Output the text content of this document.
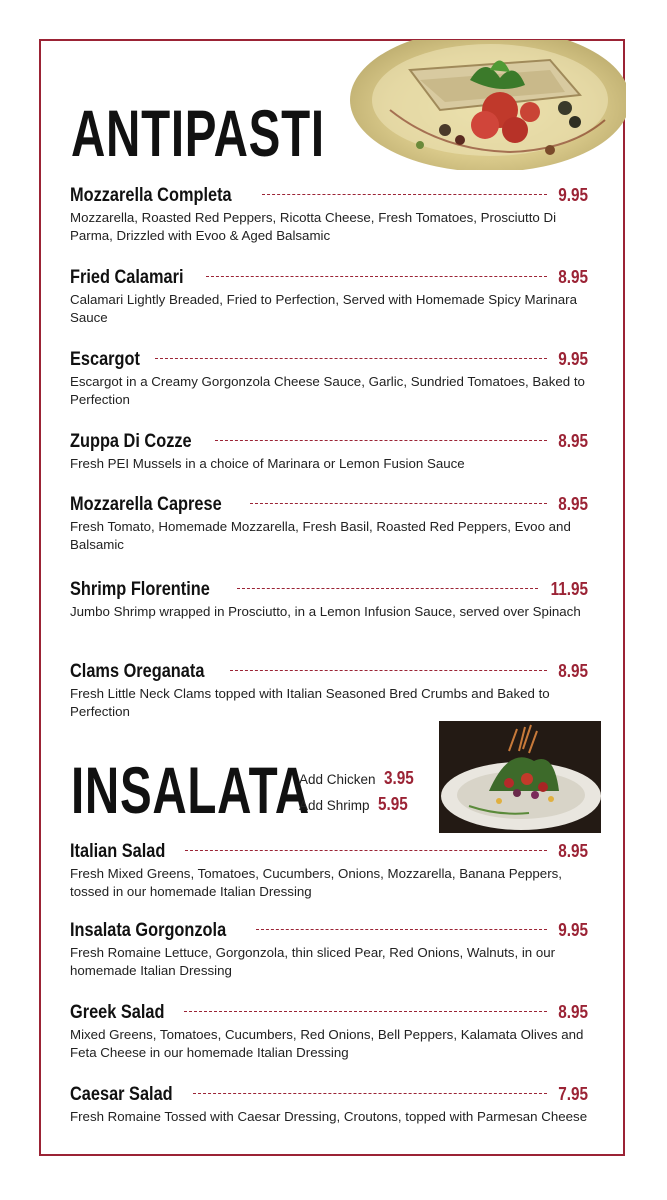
ANTIPASTI
Mozzarella Completa	9.95
Mozzarella, Roasted Red Peppers, Ricotta Cheese, Fresh Tomatoes, Prosciutto Di Parma, Drizzled with Evoo & Aged Balsamic
Fried Calamari	8.95
Calamari Lightly Breaded, Fried to Perfection, Served with Homemade Spicy Marinara Sauce
Escargot	9.95
Escargot in a Creamy Gorgonzola Cheese Sauce, Garlic, Sundried Tomatoes, Baked to Perfection
Zuppa Di Cozze	8.95
Fresh PEI Mussels in a choice of Marinara or Lemon Fusion Sauce
Mozzarella Caprese	8.95
Fresh Tomato, Homemade Mozzarella, Fresh Basil, Roasted Red Peppers, Evoo and Balsamic
Shrimp Florentine	11.95
Jumbo Shrimp wrapped in Prosciutto, in a Lemon Infusion Sauce, served over Spinach
Clams Oreganata	8.95
Fresh Little Neck Clams topped with Italian Seasoned Bred Crumbs and Baked to Perfection
INSALATA
Add Chicken 3.95
Add Shrimp 5.95
Italian Salad	8.95
Fresh Mixed Greens, Tomatoes, Cucumbers, Onions, Mozzarella, Banana Peppers, tossed in our homemade Italian Dressing
Insalata Gorgonzola	9.95
Fresh Romaine Lettuce, Gorgonzola, thin sliced Pear, Red Onions, Walnuts, in our homemade Italian Dressing
Greek Salad	8.95
Mixed Greens, Tomatoes, Cucumbers, Red Onions, Bell Peppers, Kalamata Olives and Feta Cheese in our homemade Italian Dressing
Caesar Salad	7.95
Fresh Romaine Tossed with Caesar Dressing, Croutons, topped with Parmesan Cheese
